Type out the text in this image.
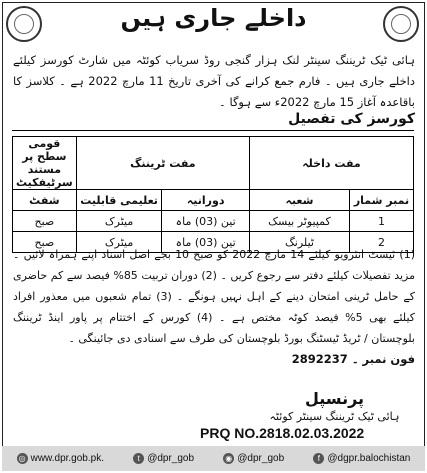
داخلے جاری ہیں
ہائی ٹیک ٹریننگ سینٹر لنک ہزار گنجی روڈ سریاب کوئٹہ میں شارٹ کورسز کیلئے داخلے جاری ہیں ۔ فارم جمع کرانے کی آخری تاریخ 11 مارچ 2022 ہے ۔ کلاسز کا باقاعدہ آغاز 15 مارچ 2022ء سے ہوگا ۔
کورسز کی تفصیل
مفت داخلہ		مفت ٹریننگ		قومی سطح پر مستند سرٹیفکیٹ
نمبر شمار	شعبہ	دورانیہ	تعلیمی قابلیت	شفٹ
1	کمپیوٹر بیسک	تین (03) ماہ	میٹرک	صبح
2	ٹیلرنگ	تین (03) ماہ	میٹرک	صبح
(1) ٹیسٹ انٹرویو کیلئے 14 مارچ 2022 کو صبح 10 بجے اصل اسناد اپنے ہمراہ لائیں ۔ مزید تفصیلات کیلئے دفتر سے رجوع کریں ۔ (2) دوران تربیت 85% فیصد سے کم حاضری کے حامل ٹرینی امتحان دینے کے اہل نہیں ہونگے ۔ (3) تمام شعبوں میں معذور افراد کیلئے بھی 5% فیصد کوٹہ مختص ہے ۔ (4) کورس کے اختتام پر پاور اینڈ ٹریننگ بلوچستان / ٹریڈ ٹیسٹنگ بورڈ بلوچستان کی طرف سے اسنادی دی جائینگی ۔
فون نمبر ۔ 2892237
پرنسپل
ہائی ٹیک ٹریننگ سینٹر کوئٹہ
PRQ NO.2818.02.03.2022
◎ www.dpr.gob.pk.	t @dpr_gob	◉ @dpr_gob	f @dgpr.balochistan
